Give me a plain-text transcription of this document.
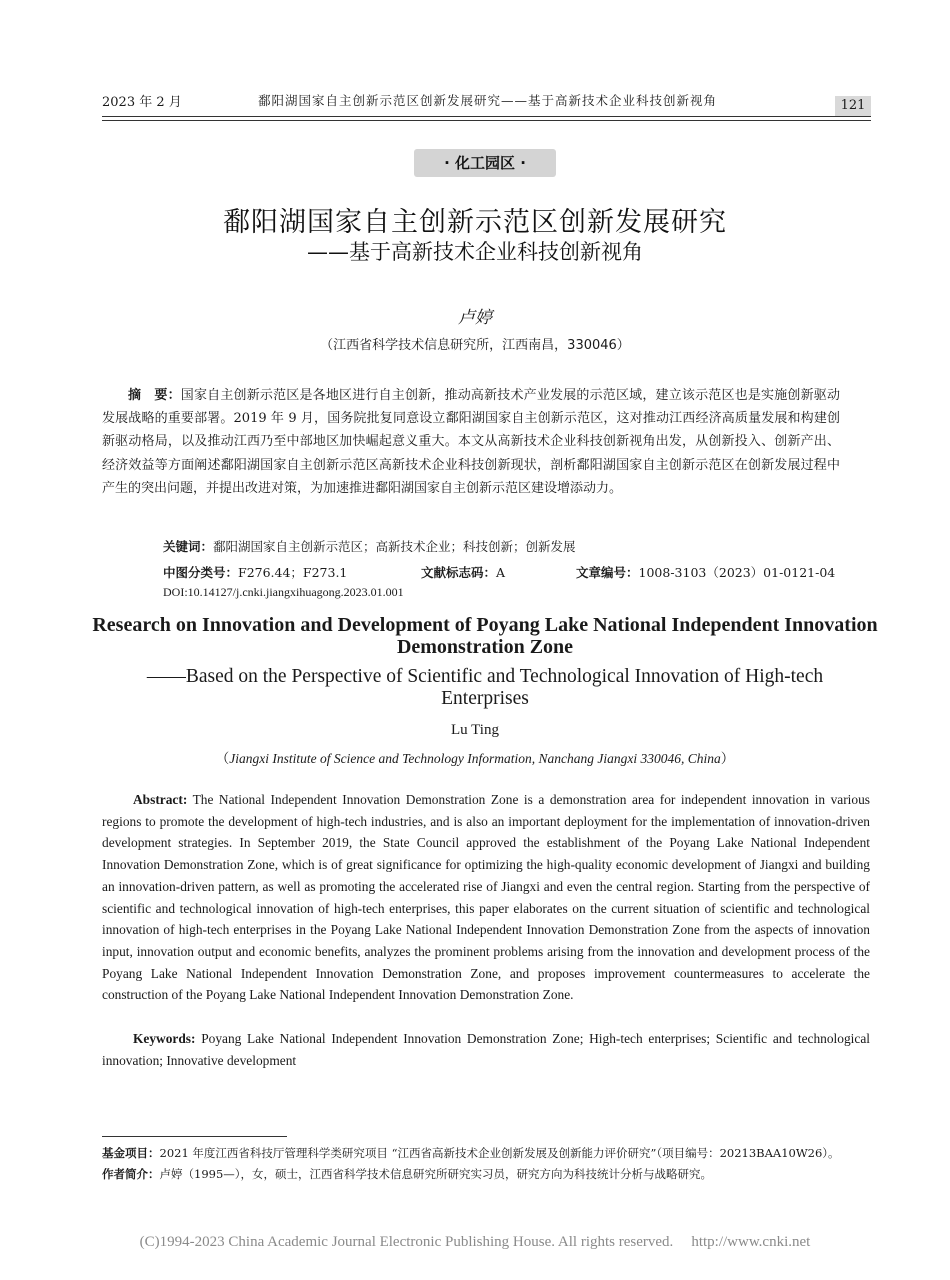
2023 年 2 月	鄱阳湖国家自主创新示范区创新发展研究——基于高新技术企业科技创新视角	121
· 化工园区 ·
鄱阳湖国家自主创新示范区创新发展研究
——基于高新技术企业科技创新视角
卢婷
（江西省科学技术信息研究所，江西南昌，330046）

摘　要：国家自主创新示范区是各地区进行自主创新，推动高新技术产业发展的示范区域，建立该示范区也是实施创新驱动发展战略的重要部署。2019 年 9 月，国务院批复同意设立鄱阳湖国家自主创新示范区，这对推动江西经济高质量发展和构建创新驱动格局，以及推动江西乃至中部地区加快崛起意义重大。本文从高新技术企业科技创新视角出发，从创新投入、创新产出、经济效益等方面阐述鄱阳湖国家自主创新示范区高新技术企业科技创新现状，剖析鄱阳湖国家自主创新示范区在创新发展过程中产生的突出问题，并提出改进对策，为加速推进鄱阳湖国家自主创新示范区建设增添动力。

关键词：鄱阳湖国家自主创新示范区；高新技术企业；科技创新；创新发展
中图分类号：F276.44；F273.1	文献标志码：A	文章编号：1008-3103（2023）01-0121-04
DOI:10.14127/j.cnki.jiangxihuagong.2023.01.001
Research on Innovation and Development of Poyang Lake National Independent Innovation Demonstration Zone
——Based on the Perspective of Scientific and Technological Innovation of High-tech Enterprises
Lu Ting
（Jiangxi Institute of Science and Technology Information, Nanchang Jiangxi 330046, China）

Abstract: The National Independent Innovation Demonstration Zone is a demonstration area for independent innovation in various regions to promote the development of high-tech industries, and is also an important deployment for the implementation of innovation-driven development strategies. In September 2019, the State Council approved the establishment of the Poyang Lake National Independent Innovation Demonstration Zone, which is of great significance for optimizing the high-quality economic development of Jiangxi and building an innovation-driven pattern, as well as promoting the accelerated rise of Jiangxi and even the central region. Starting from the perspective of scientific and technological innovation of high-tech enterprises, this paper elaborates on the current situation of scientific and technological innovation of high-tech enterprises in the Poyang Lake National Independent Innovation Demonstration Zone from the aspects of innovation input, innovation output and economic benefits, analyzes the prominent problems arising from the innovation and development process of the Poyang Lake National Independent Innovation Demonstration Zone, and proposes improvement countermeasures to accelerate the construction of the Poyang Lake National Independent Innovation Demonstration Zone.

Keywords: Poyang Lake National Independent Innovation Demonstration Zone; High-tech enterprises; Scientific and technological innovation; Innovative development

基金项目：2021 年度江西省科技厅管理科学类研究项目 “江西省高新技术企业创新发展及创新能力评价研究”（项目编号：20213BAA10W26）。
作者简介：卢婷（1995—），女，硕士，江西省科学技术信息研究所研究实习员，研究方向为科技统计分析与战略研究。
(C)1994-2023 China Academic Journal Electronic Publishing House. All rights reserved. http://www.cnki.net
